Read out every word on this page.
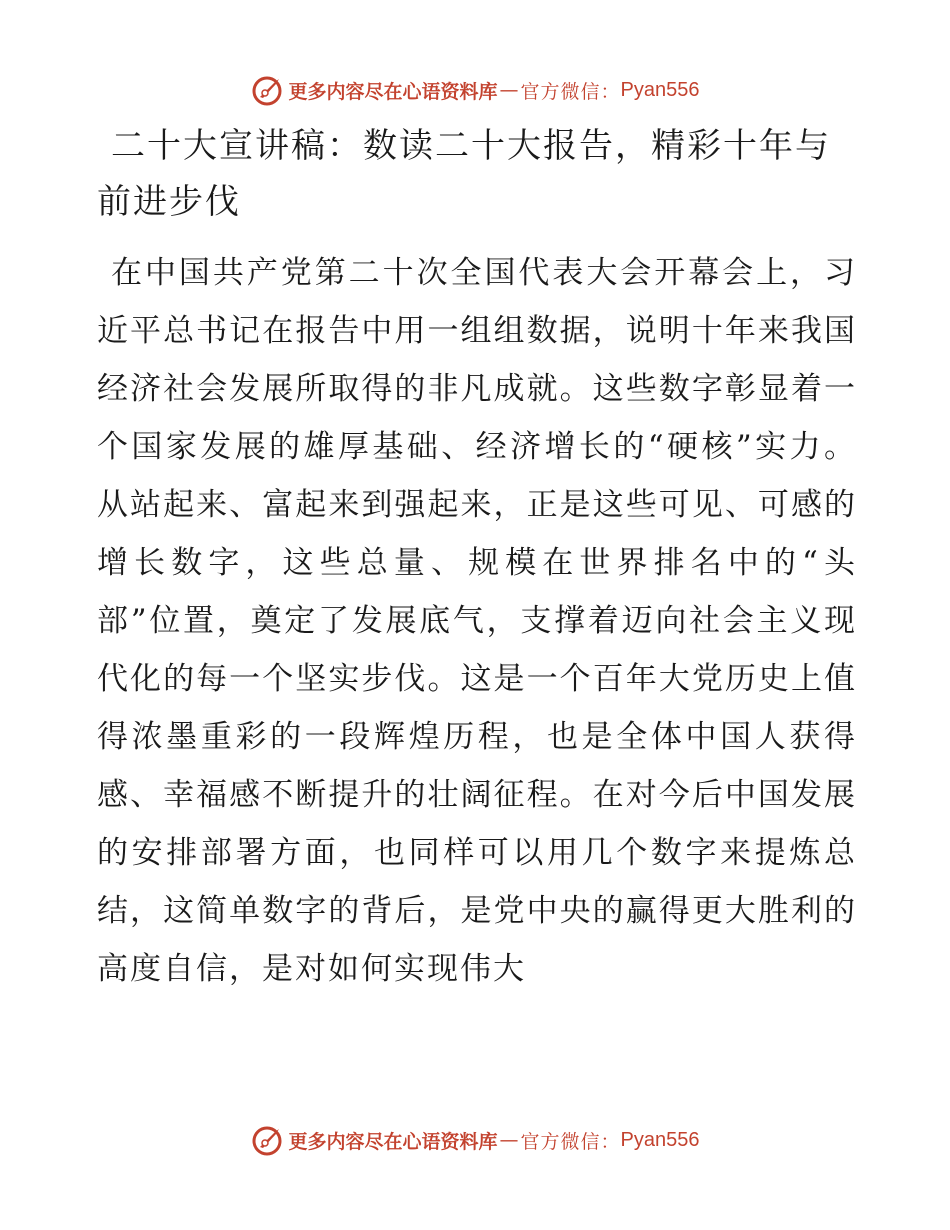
更多内容尽在心语资料库 — 官方微信： Pyan556
二十大宣讲稿：数读二十大报告，精彩十年与前进步伐

在中国共产党第二十次全国代表大会开幕会上，习近平总书记在报告中用一组组数据，说明十年来我国经济社会发展所取得的非凡成就。这些数字彰显着一个国家发展的雄厚基础、经济增长的“硬核”实力。从站起来、富起来到强起来，正是这些可见、可感的增长数字，这些总量、规模在世界排名中的“头部”位置，奠定了发展底气，支撑着迈向社会主义现代化的每一个坚实步伐。这是一个百年大党历史上值得浓墨重彩的一段辉煌历程，也是全体中国人获得感、幸福感不断提升的壮阔征程。在对今后中国发展的安排部署方面，也同样可以用几个数字来提炼总结，这简单数字的背后，是党中央的赢得更大胜利的高度自信，是对如何实现伟大

更多内容尽在心语资料库 — 官方微信： Pyan556
